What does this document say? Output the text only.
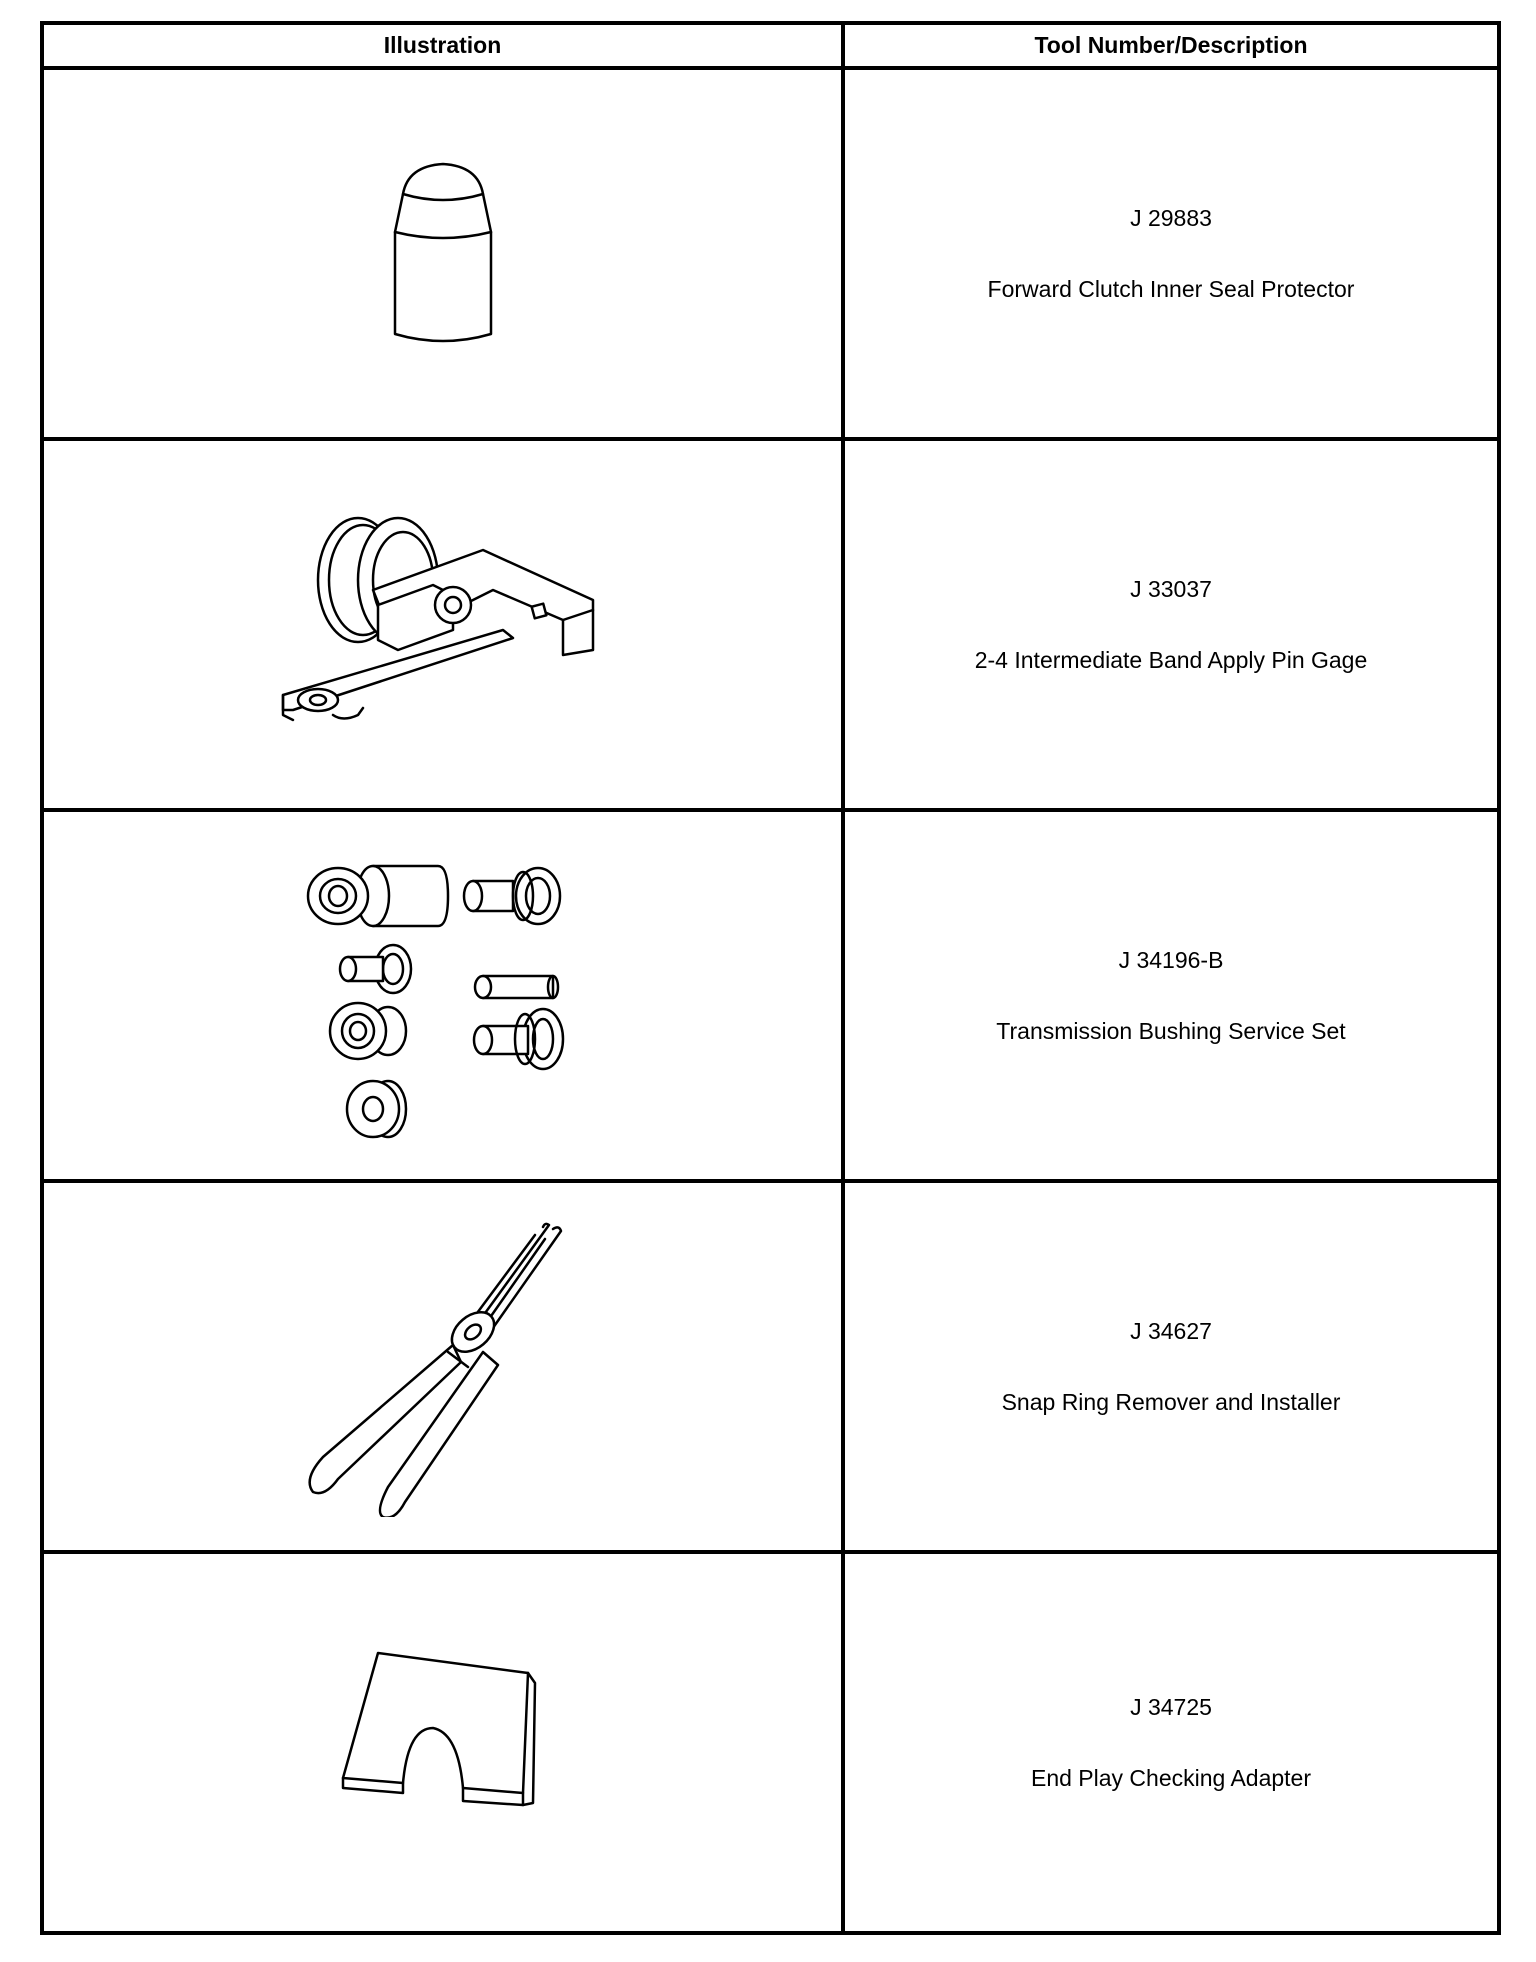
Illustration	Tool Number/Description
J 29883
Forward Clutch Inner Seal Protector
J 33037
2-4 Intermediate Band Apply Pin Gage
J 34196-B
Transmission Bushing Service Set
J 34627
Snap Ring Remover and Installer
J 34725
End Play Checking Adapter
